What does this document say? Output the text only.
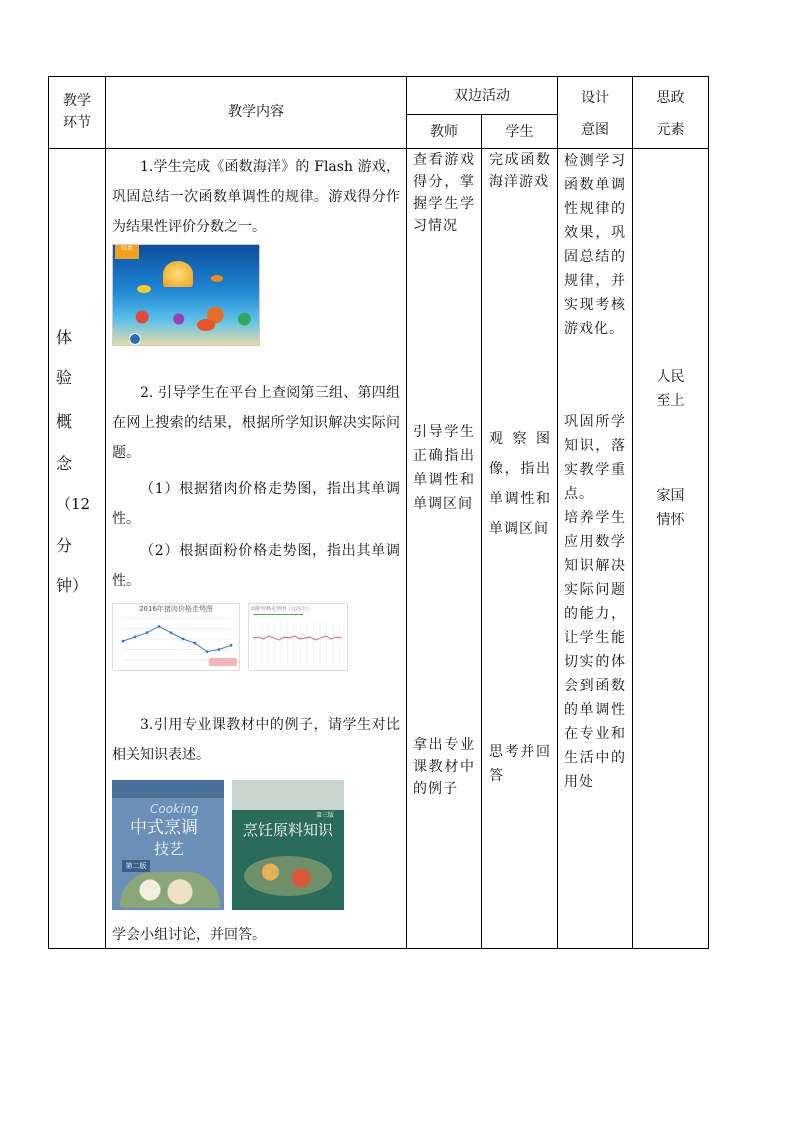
教学
环节
教学内容
双边活动
教师	学生
设计
意图
思政
元素
体
验
概
念
（12
分
钟）
1.学生完成《函数海洋》的 Flash 游戏，巩固总结一次函数单调性的规律。游戏得分作为结果性评价分数之一。
结果
2. 引导学生在平台上查阅第三组、第四组在网上搜索的结果，根据所学知识解决实际问题。
（1）根据猪肉价格走势图，指出其单调性。
（2）根据面粉价格走势图，指出其单调性。
2016年猪肉价格走势图	面粉价格走势图（元/公斤）
3.引用专业课教材中的例子，请学生对比相关知识表述。
Cooking
中式烹调
技艺
第二版
第三版
烹饪原料知识
学会小组讨论，并回答。
查看游戏得分，掌握学生学习情况
引导学生正确指出单调性和单调区间
拿出专业课教材中的例子
完成函数海洋游戏
观察图像，指出单调性和单调区间
思考并回答
检测学习函数单调性规律的效果，巩固总结的规律，并实现考核游戏化。
巩固所学知识，落实教学重点。
培养学生应用数学知识解决实际问题的能力，让学生能切实的体会到函数的单调性在专业和生活中的用处
人民
至上
家国
情怀
